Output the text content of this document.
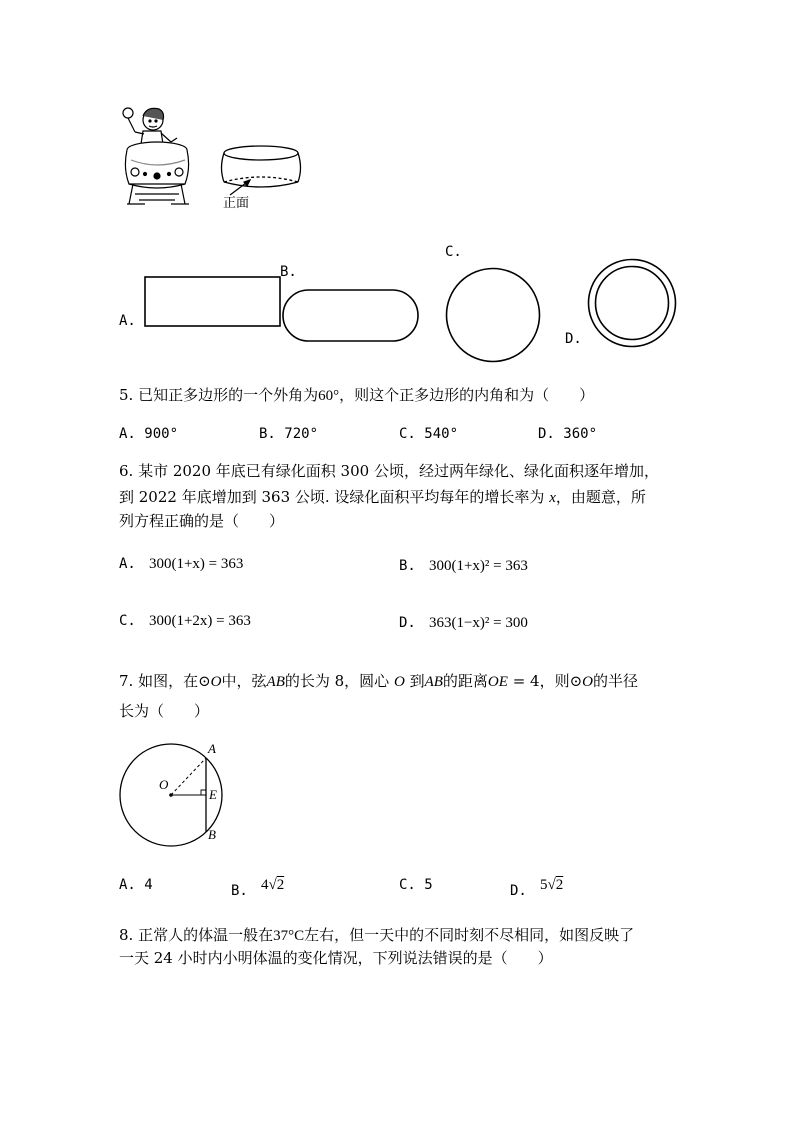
正面
A.
B.
C.
D.
5. 已知正多边形的一个外角为60°，则这个正多边形的内角和为（　　）
A. 900°	B. 720°	C. 540°	D. 360°
6. 某市 2020 年底已有绿化面积 300 公顷，经过两年绿化、绿化面积逐年增加，
到 2022 年底增加到 363 公顷. 设绿化面积平均每年的增长率为 x，由题意，所
列方程正确的是（　　）
A. 300(1+x) = 363	B. 300(1+x)² = 363
C. 300(1+2x) = 363	D. 363(1−x)² = 300
7. 如图，在⊙O中，弦AB的长为 8，圆心 O 到AB的距离OE = 4，则⊙O的半径
长为（　　）
A
O
E
B
A. 4	B. 4√2	C. 5	D. 5√2
8. 正常人的体温一般在37°C左右，但一天中的不同时刻不尽相同，如图反映了
一天 24 小时内小明体温的变化情况，下列说法错误的是（　　）
